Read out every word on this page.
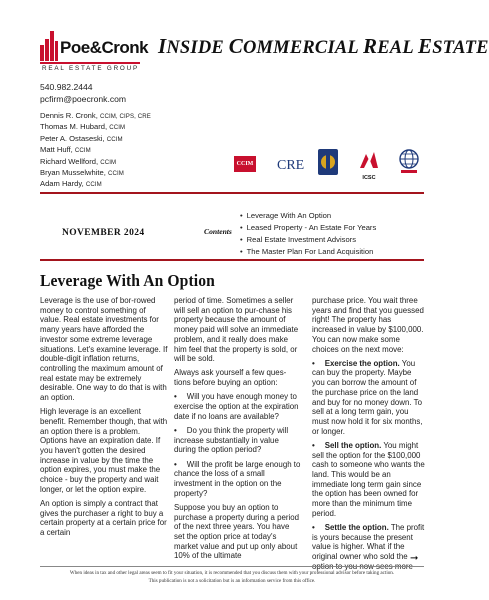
Poe&Cronk
REAL ESTATE GROUP
INSIDE COMMERCIAL REAL ESTATE
540.982.2444
pcfirm@poecronk.com
Dennis R. Cronk, CCIM, CIPS, CRE
Thomas M. Hubard, CCIM
Peter A. Ostaseski, CCIM
Matt Huff, CCIM
Richard Wellford, CCIM
Bryan Musselwhite, CCIM
Adam Hardy, CCIM
CCIM CRE
ICSC
NOVEMBER 2024	Contents
• Leverage With An Option
• Leased Property - An Estate For Years
• Real Estate Investment Advisors
• The Master Plan For Land Acquisition
Leverage With An Option

Leverage is the use of bor-rowed money to control something of value. Real estate investments for many years have afforded the investor some extreme leverage situations. Let's examine leverage. If double-digit inflation returns, controlling the maximum amount of real estate may be extremely desirable. One way to do that is with an option.

High leverage is an excellent benefit. Remember though, that with an option there is a problem. Options have an expiration date. If you haven't gotten the desired increase in value by the time the option expires, you must make the choice - buy the property and wait longer, or let the option expire.

An option is simply a contract that gives the purchaser a right to buy a certain property at a certain price for a certain

period of time. Sometimes a seller will sell an option to pur-chase his property because the amount of money paid will solve an immediate problem, and it really does make him feel that the property is sold, or will be sold.

Always ask yourself a few ques-tions before buying an option:

• Will you have enough money to exercise the option at the expiration date if no loans are available?

• Do you think the property will increase substantially in value during the option period?

• Will the profit be large enough to chance the loss of a small investment in the option on the property?

Suppose you buy an option to purchase a property during a period of the next three years. You have set the option price at today's market value and put up only about 10% of the ultimate

purchase price. You wait three years and find that you guessed right! The property has increased in value by $100,000. You can now make some choices on the next move:

• Exercise the option. You can buy the property. Maybe you can borrow the amount of the purchase price on the land and buy for no money down. To sell at a long term gain, you must now hold it for six months, or longer.

• Sell the option. You might sell the option for the $100,000 cash to someone who wants the land. This would be an immediate long term gain since the option has been owned for more than the minimum time period.

• Settle the option. The profit is yours because the present value is higher. What if the original owner who sold the ➞
When ideas in tax and other legal areas seem to fit your situation, it is recommended that you discuss them with your professional advisor before taking action.
This publication is not a solicitation but is an information service from this office.
